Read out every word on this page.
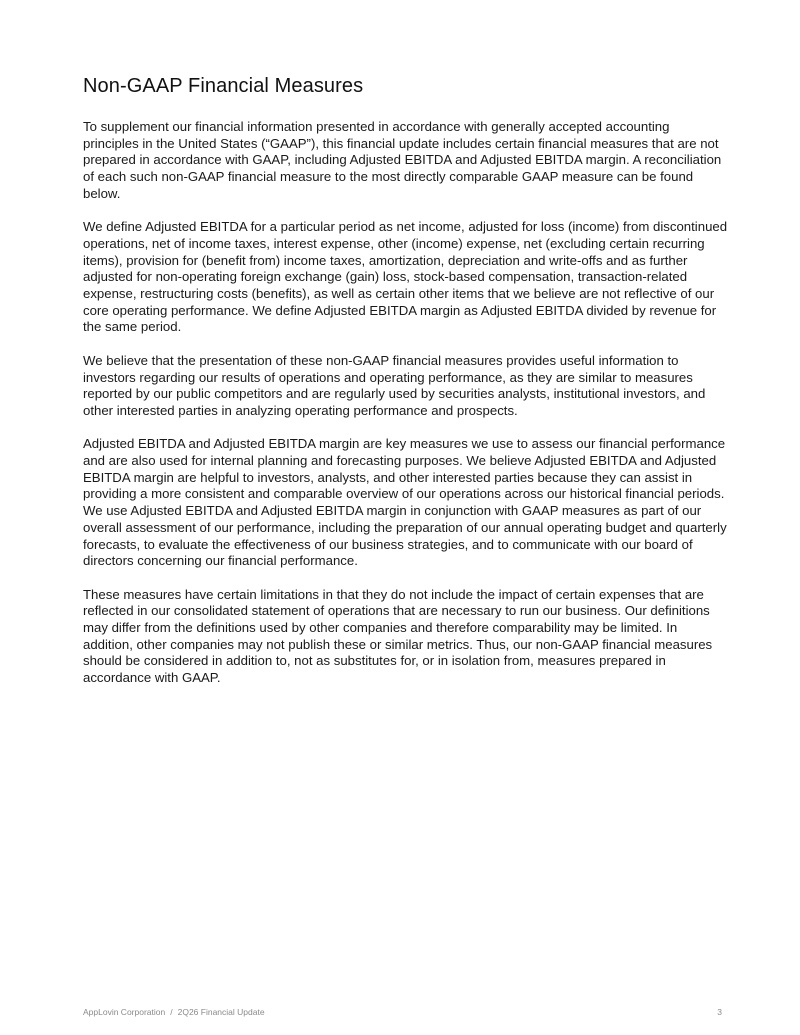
Non-GAAP Financial Measures

To supplement our financial information presented in accordance with generally accepted accounting principles in the United States (“GAAP”), this financial update includes certain financial measures that are not prepared in accordance with GAAP, including Adjusted EBITDA and Adjusted EBITDA margin. A reconciliation of each such non-GAAP financial measure to the most directly comparable GAAP measure can be found below.

We define Adjusted EBITDA for a particular period as net income, adjusted for loss (income) from discontinued operations, net of income taxes, interest expense, other (income) expense, net (excluding certain recurring items), provision for (benefit from) income taxes, amortization, depreciation and write-offs and as further adjusted for non-operating foreign exchange (gain) loss, stock-based compensation, transaction-related expense, restructuring costs (benefits), as well as certain other items that we believe are not reflective of our core operating performance. We define Adjusted EBITDA margin as Adjusted EBITDA divided by revenue for the same period.

We believe that the presentation of these non-GAAP financial measures provides useful information to investors regarding our results of operations and operating performance, as they are similar to measures reported by our public competitors and are regularly used by securities analysts, institutional investors, and other interested parties in analyzing operating performance and prospects.

Adjusted EBITDA and Adjusted EBITDA margin are key measures we use to assess our financial performance and are also used for internal planning and forecasting purposes. We believe Adjusted EBITDA and Adjusted EBITDA margin are helpful to investors, analysts, and other interested parties because they can assist in providing a more consistent and comparable overview of our operations across our historical financial periods. We use Adjusted EBITDA and Adjusted EBITDA margin in conjunction with GAAP measures as part of our overall assessment of our performance, including the preparation of our annual operating budget and quarterly forecasts, to evaluate the effectiveness of our business strategies, and to communicate with our board of directors concerning our financial performance.

These measures have certain limitations in that they do not include the impact of certain expenses that are reflected in our consolidated statement of operations that are necessary to run our business. Our definitions may differ from the definitions used by other companies and therefore comparability may be limited. In addition, other companies may not publish these or similar metrics. Thus, our non-GAAP financial measures should be considered in addition to, not as substitutes for, or in isolation from, measures prepared in accordance with GAAP.

AppLovin Corporation / 2Q26 Financial Update	3
